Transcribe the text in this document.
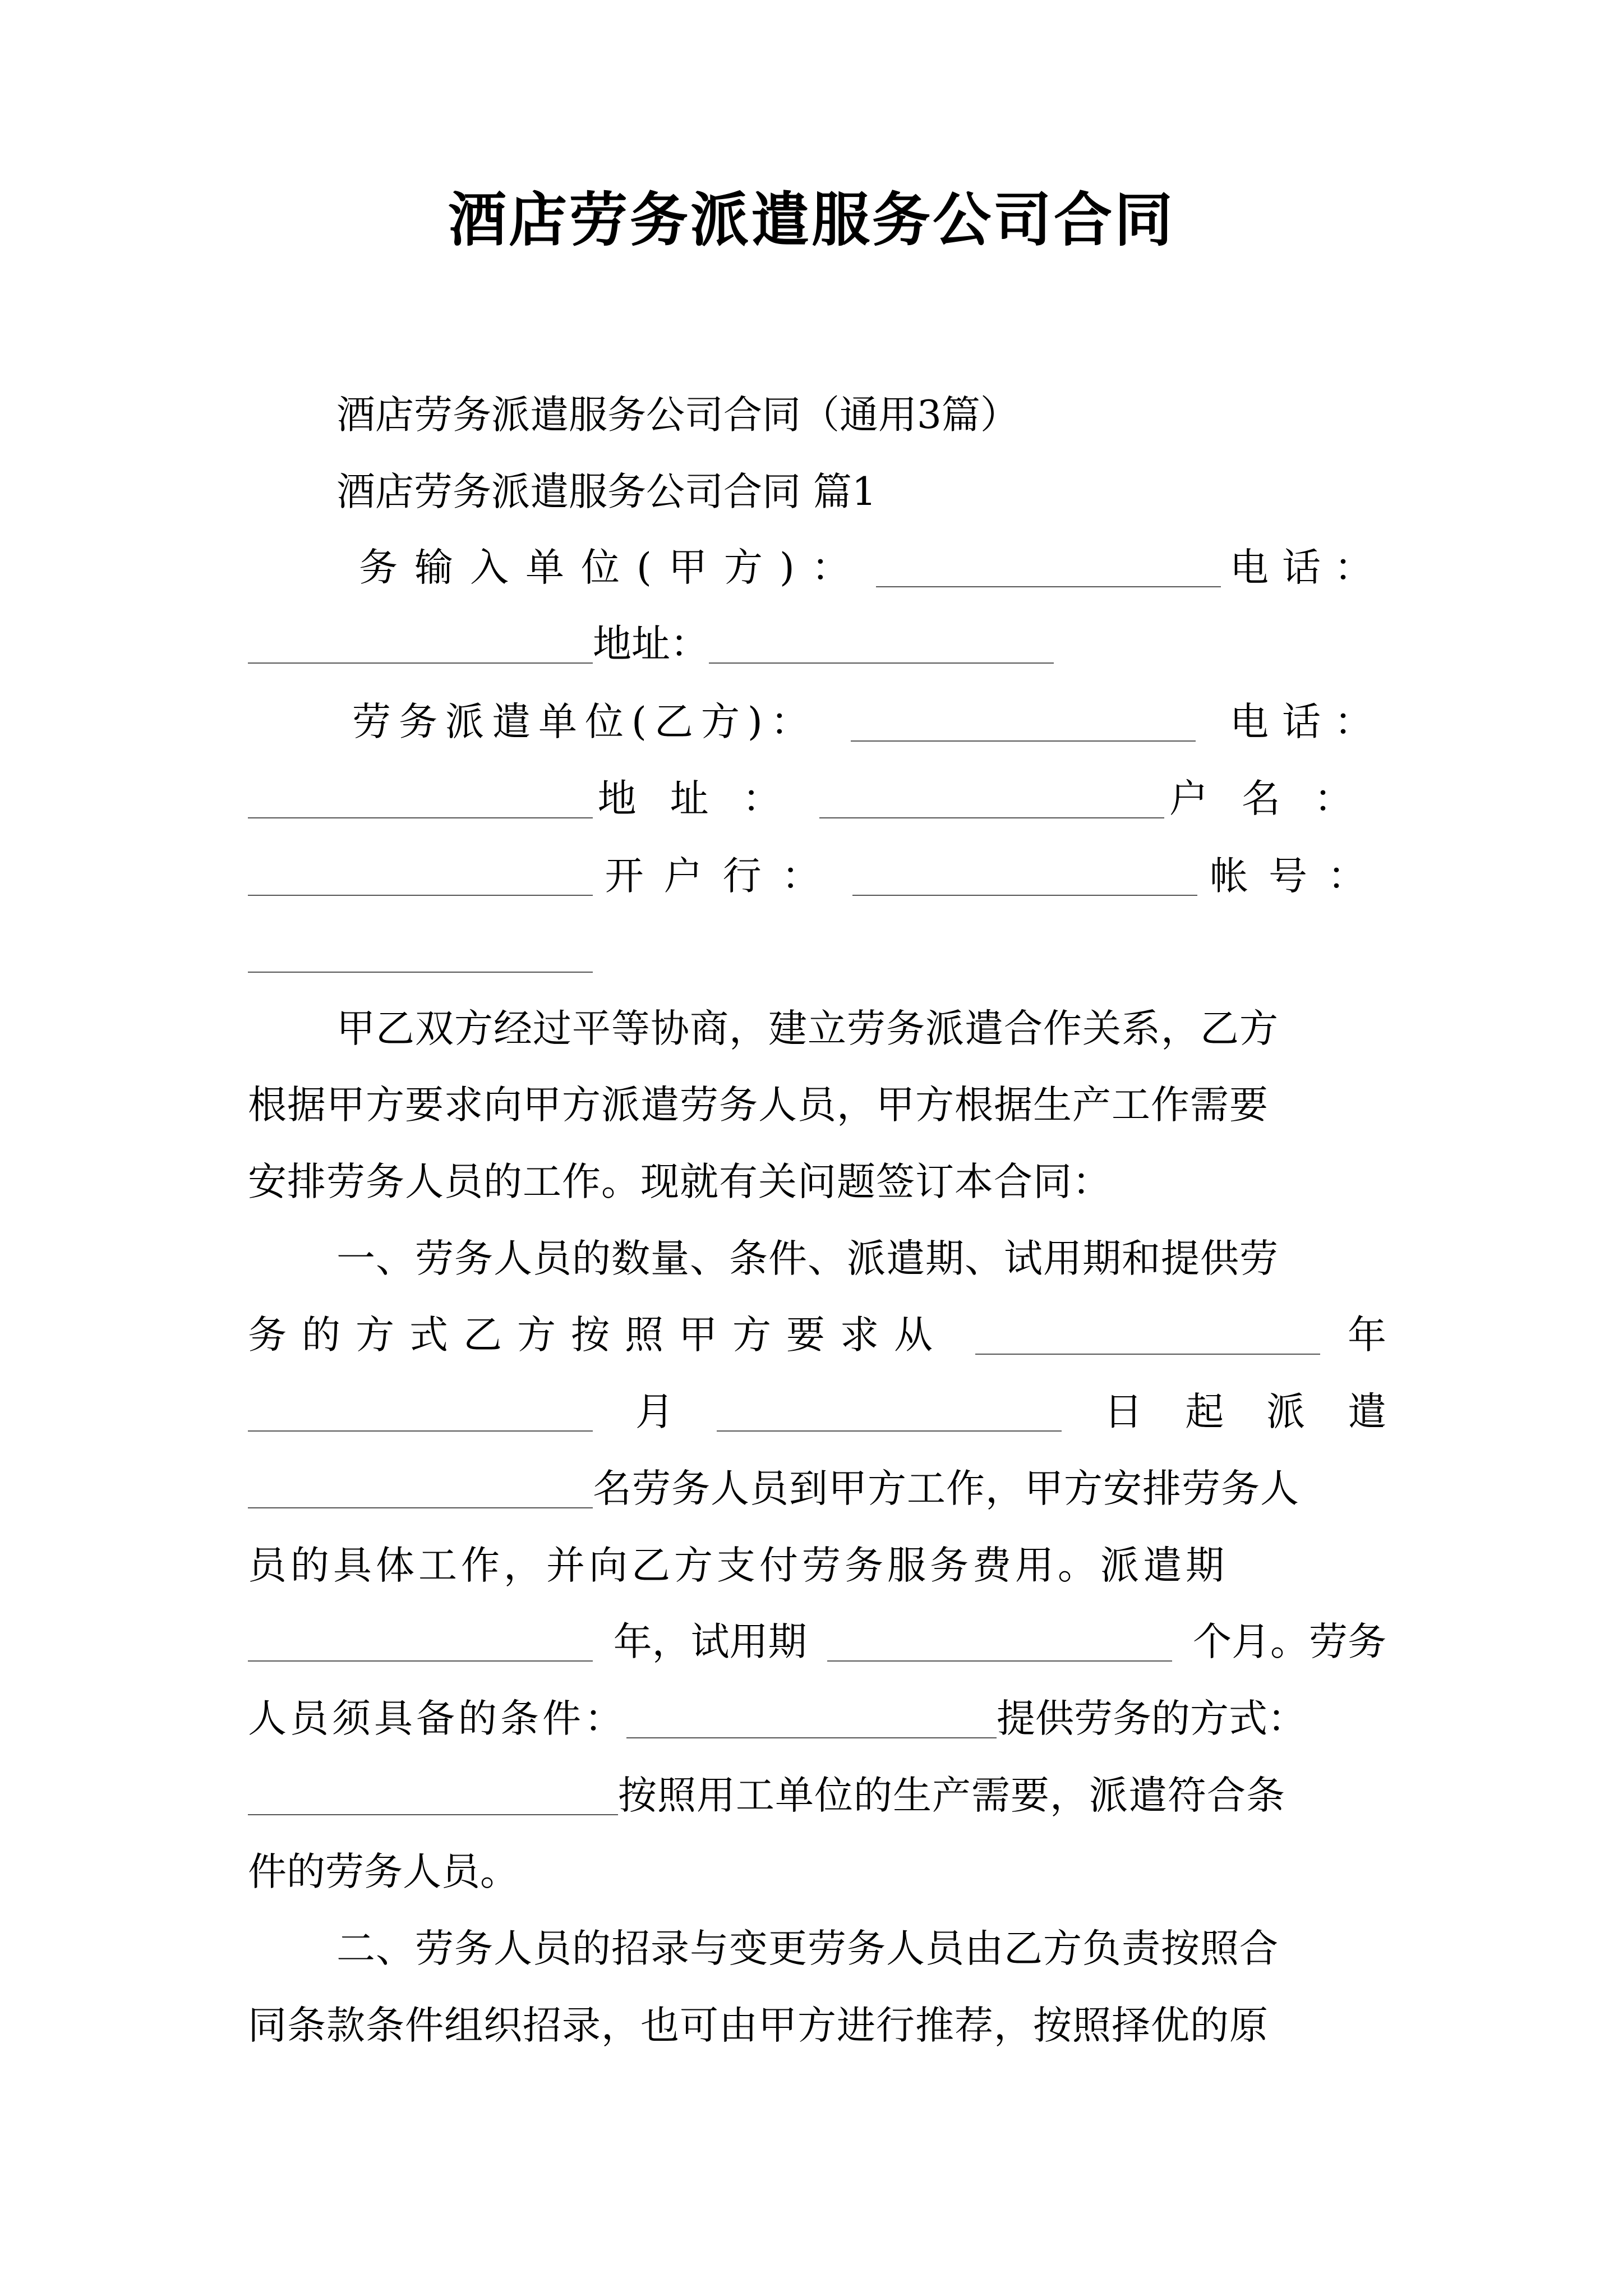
酒店劳务派遣服务公司合同
酒店劳务派遣服务公司合同（通用3篇）
酒店劳务派遣服务公司合同 篇1
务输入单位(甲方)：	电话：
地址：
劳务派遣单位(乙方)：	电话：
地址：	户名：
开户行：	帐号：
甲乙双方经过平等协商，建立劳务派遣合作关系，乙方
根据甲方要求向甲方派遣劳务人员，甲方根据生产工作需要
安排劳务人员的工作。现就有关问题签订本合同：
一、劳务人员的数量、条件、派遣期、试用期和提供劳
务的方式乙方按照甲方要求从	年
月	日 起 派 遣
名劳务人员到甲方工作，甲方安排劳务人
员的具体工作，并向乙方支付劳务服务费用。派遣期
年，试用期	个月。劳务
人员须具备的条件：	提供劳务的方式：
按照用工单位的生产需要，派遣符合条
件的劳务人员。
二、劳务人员的招录与变更劳务人员由乙方负责按照合
同条款条件组织招录，也可由甲方进行推荐，按照择优的原
